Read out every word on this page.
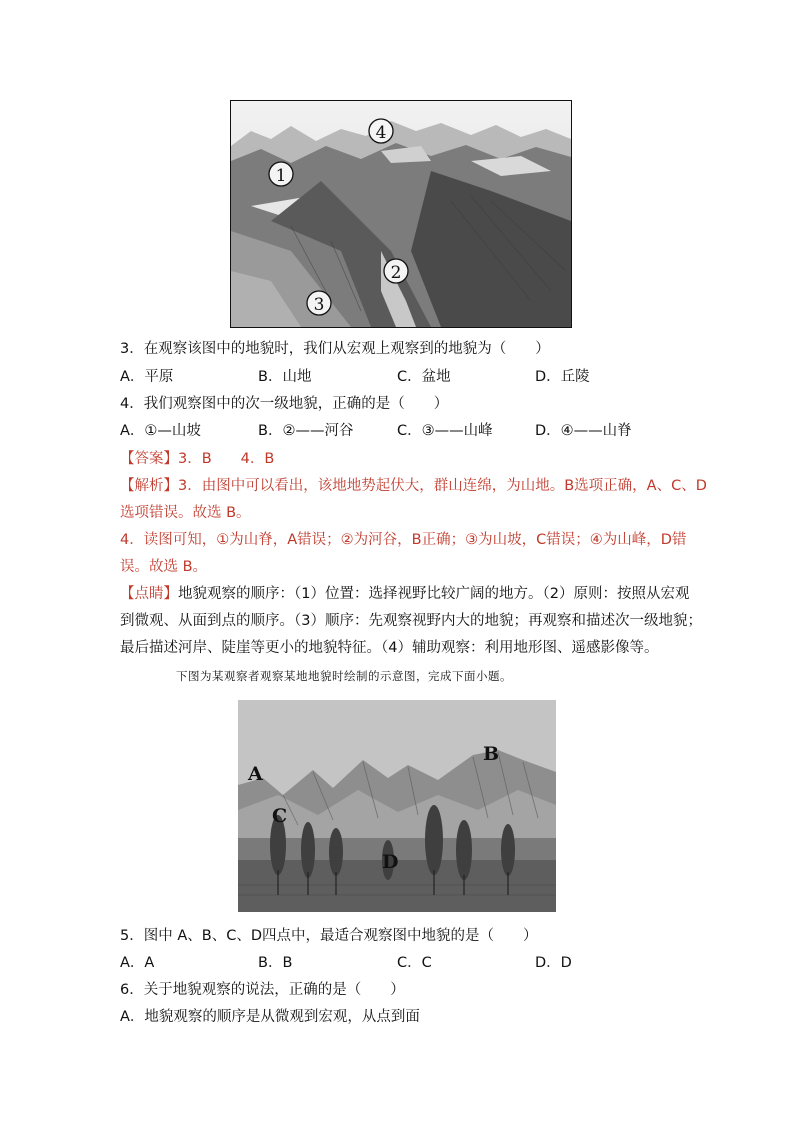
4
1
2
3
3．在观察该图中的地貌时，我们从宏观上观察到的地貌为（　　）
A．平原	B．山地	C．盆地	D．丘陵
4．我们观察图中的次一级地貌，正确的是（　　）
A．①—山坡	B．②——河谷	C．③——山峰	D．④——山脊
【答案】3．B　　4．B
【解析】3．由图中可以看出，该地地势起伏大，群山连绵，为山地。B选项正确，A、C、D
选项错误。故选 B。
4．读图可知，①为山脊，A错误；②为河谷，B正确；③为山坡，C错误；④为山峰，D错
误。故选 B。
【点睛】地貌观察的顺序：（1）位置：选择视野比较广阔的地方。（2）原则：按照从宏观
到微观、从面到点的顺序。（3）顺序：先观察视野内大的地貌；再观察和描述次一级地貌；
最后描述河岸、陡崖等更小的地貌特征。（4）辅助观察：利用地形图、遥感影像等。
下图为某观察者观察某地地貌时绘制的示意图，完成下面小题。
A
B
C
D
5．图中 A、B、C、D四点中，最适合观察图中地貌的是（　　）
A．A	B．B	C．C	D．D
6．关于地貌观察的说法，正确的是（　　）
A．地貌观察的顺序是从微观到宏观，从点到面
